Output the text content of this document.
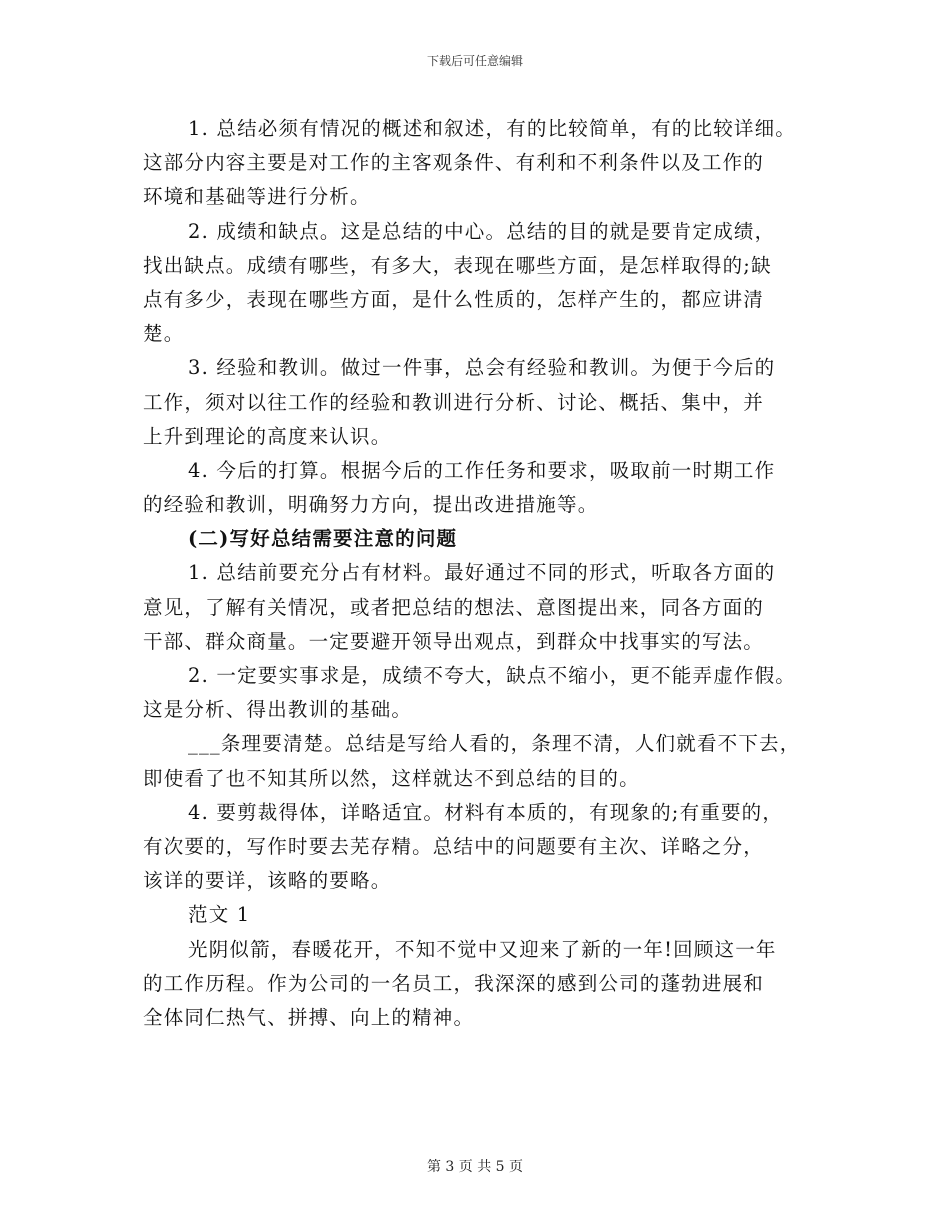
下载后可任意编辑
1. 总结必须有情况的概述和叙述，有的比较简单，有的比较详细。
这部分内容主要是对工作的主客观条件、有利和不利条件以及工作的
环境和基础等进行分析。
2. 成绩和缺点。这是总结的中心。总结的目的就是要肯定成绩，
找出缺点。成绩有哪些，有多大，表现在哪些方面，是怎样取得的;缺
点有多少，表现在哪些方面，是什么性质的，怎样产生的，都应讲清
楚。
3. 经验和教训。做过一件事，总会有经验和教训。为便于今后的
工作，须对以往工作的经验和教训进行分析、讨论、概括、集中，并
上升到理论的高度来认识。
4. 今后的打算。根据今后的工作任务和要求，吸取前一时期工作
的经验和教训，明确努力方向，提出改进措施等。
(二)写好总结需要注意的问题
1. 总结前要充分占有材料。最好通过不同的形式，听取各方面的
意见，了解有关情况，或者把总结的想法、意图提出来，同各方面的
干部、群众商量。一定要避开领导出观点，到群众中找事实的写法。
2. 一定要实事求是，成绩不夸大，缺点不缩小，更不能弄虚作假。
这是分析、得出教训的基础。
___条理要清楚。总结是写给人看的，条理不清，人们就看不下去，
即使看了也不知其所以然，这样就达不到总结的目的。
4. 要剪裁得体，详略适宜。材料有本质的，有现象的;有重要的，
有次要的，写作时要去芜存精。总结中的问题要有主次、详略之分，
该详的要详，该略的要略。
范文 1
光阴似箭，春暖花开，不知不觉中又迎来了新的一年!回顾这一年
的工作历程。作为公司的一名员工，我深深的感到公司的蓬勃进展和
全体同仁热气、拼搏、向上的精神。
第 3 页 共 5 页
